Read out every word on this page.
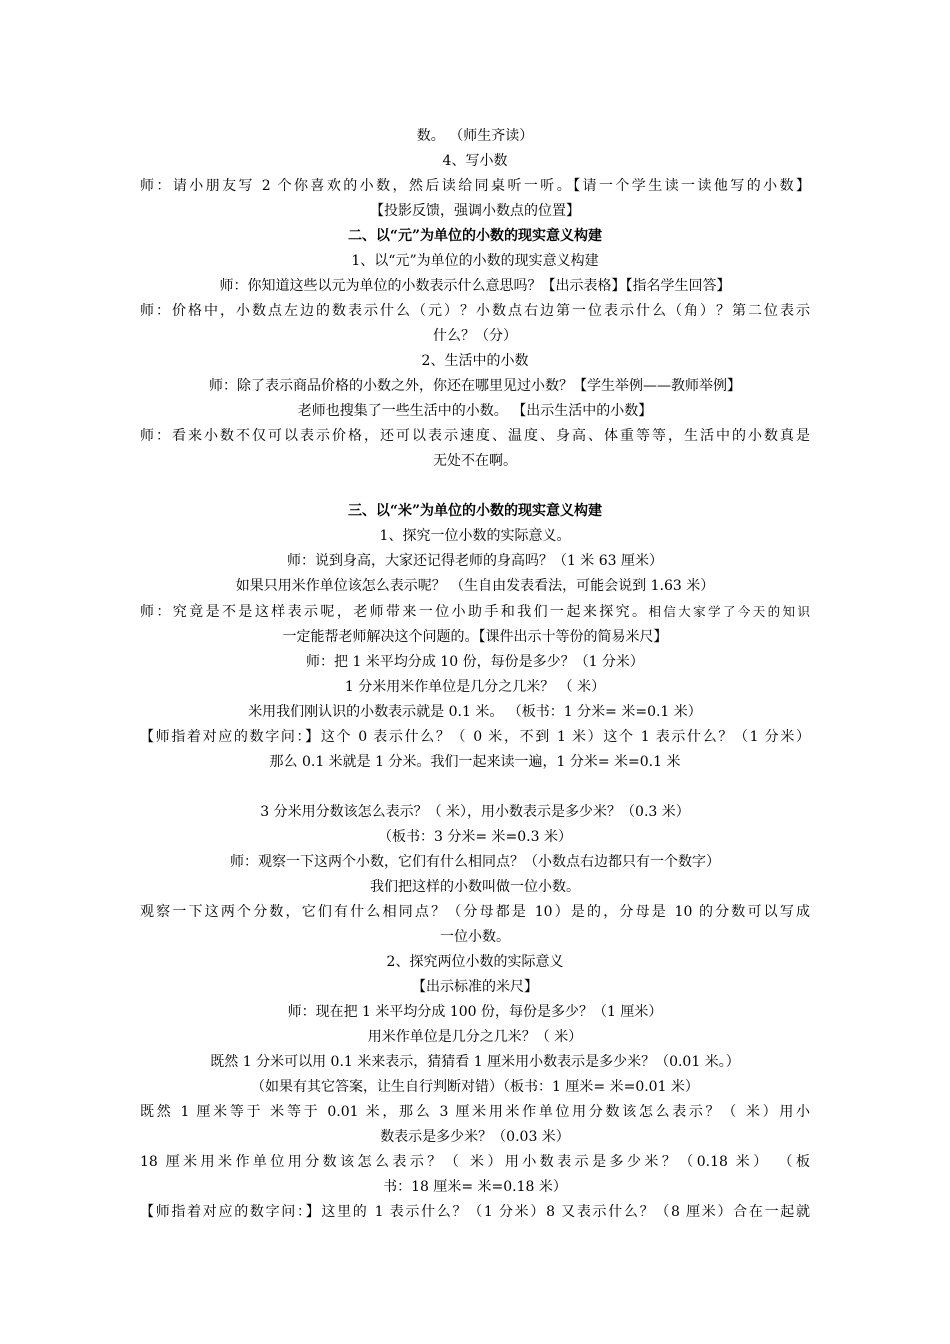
数。 （师生齐读）
4、写小数
师：请小朋友写 2 个你喜欢的小数，然后读给同桌听一听。【请一个学生读一读他写的小数】
【投影反馈，强调小数点的位置】
二、以“元”为单位的小数的现实意义构建
1、以“元”为单位的小数的现实意义构建
师：你知道这些以元为单位的小数表示什么意思吗？【出示表格】【指名学生回答】
师：价格中，小数点左边的数表示什么（元）？小数点右边第一位表示什么（角）？第二位表示
什么？（分）
2、生活中的小数
师：除了表示商品价格的小数之外，你还在哪里见过小数？【学生举例——教师举例】
老师也搜集了一些生活中的小数。 【出示生活中的小数】
师：看来小数不仅可以表示价格，还可以表示速度、温度、身高、体重等等，生活中的小数真是
无处不在啊。
三、以“米”为单位的小数的现实意义构建
1、探究一位小数的实际意义。
师：说到身高，大家还记得老师的身高吗？（1 米 63 厘米）
如果只用米作单位该怎么表示呢？ （生自由发表看法，可能会说到 1.63 米）
师：究竟是不是这样表示呢，老师带来一位小助手和我们一起来探究。相信大家学了今天的知识
一定能帮老师解决这个问题的。【课件出示十等份的简易米尺】
师：把 1 米平均分成 10 份，每份是多少？（1 分米）
1 分米用米作单位是几分之几米？ （ 米）
米用我们刚认识的小数表示就是 0.1 米。 （板书：1 分米= 米=0.1 米）
【师指着对应的数字问：】这个 0 表示什么？（ 0 米，不到 1 米）这个 1 表示什么？（1 分米）
那么 0.1 米就是 1 分米。我们一起来读一遍，1 分米= 米=0.1 米
3 分米用分数该怎么表示？（ 米），用小数表示是多少米？（0.3 米）
（板书：3 分米= 米=0.3 米）
师：观察一下这两个小数，它们有什么相同点？（小数点右边都只有一个数字）
我们把这样的小数叫做一位小数。
观察一下这两个分数，它们有什么相同点？（分母都是 10）是的，分母是 10 的分数可以写成
一位小数。
2、探究两位小数的实际意义
【出示标准的米尺】
师：现在把 1 米平均分成 100 份，每份是多少？（1 厘米）
用米作单位是几分之几米？（ 米）
既然 1 分米可以用 0.1 米来表示，猜猜看 1 厘米用小数表示是多少米？（0.01 米。）
（如果有其它答案，让生自行判断对错）（板书：1 厘米= 米=0.01 米）
既然 1 厘米等于 米等于 0.01 米，那么 3 厘米用米作单位用分数该怎么表示？（ 米）用小
数表示是多少米？（0.03 米）
18 厘米用米作单位用分数该怎么表示？（ 米）用小数表示是多少米？（0.18 米） （板
书：18 厘米= 米=0.18 米）
【师指着对应的数字问：】这里的 1 表示什么？（1 分米）8 又表示什么？（8 厘米）合在一起就
